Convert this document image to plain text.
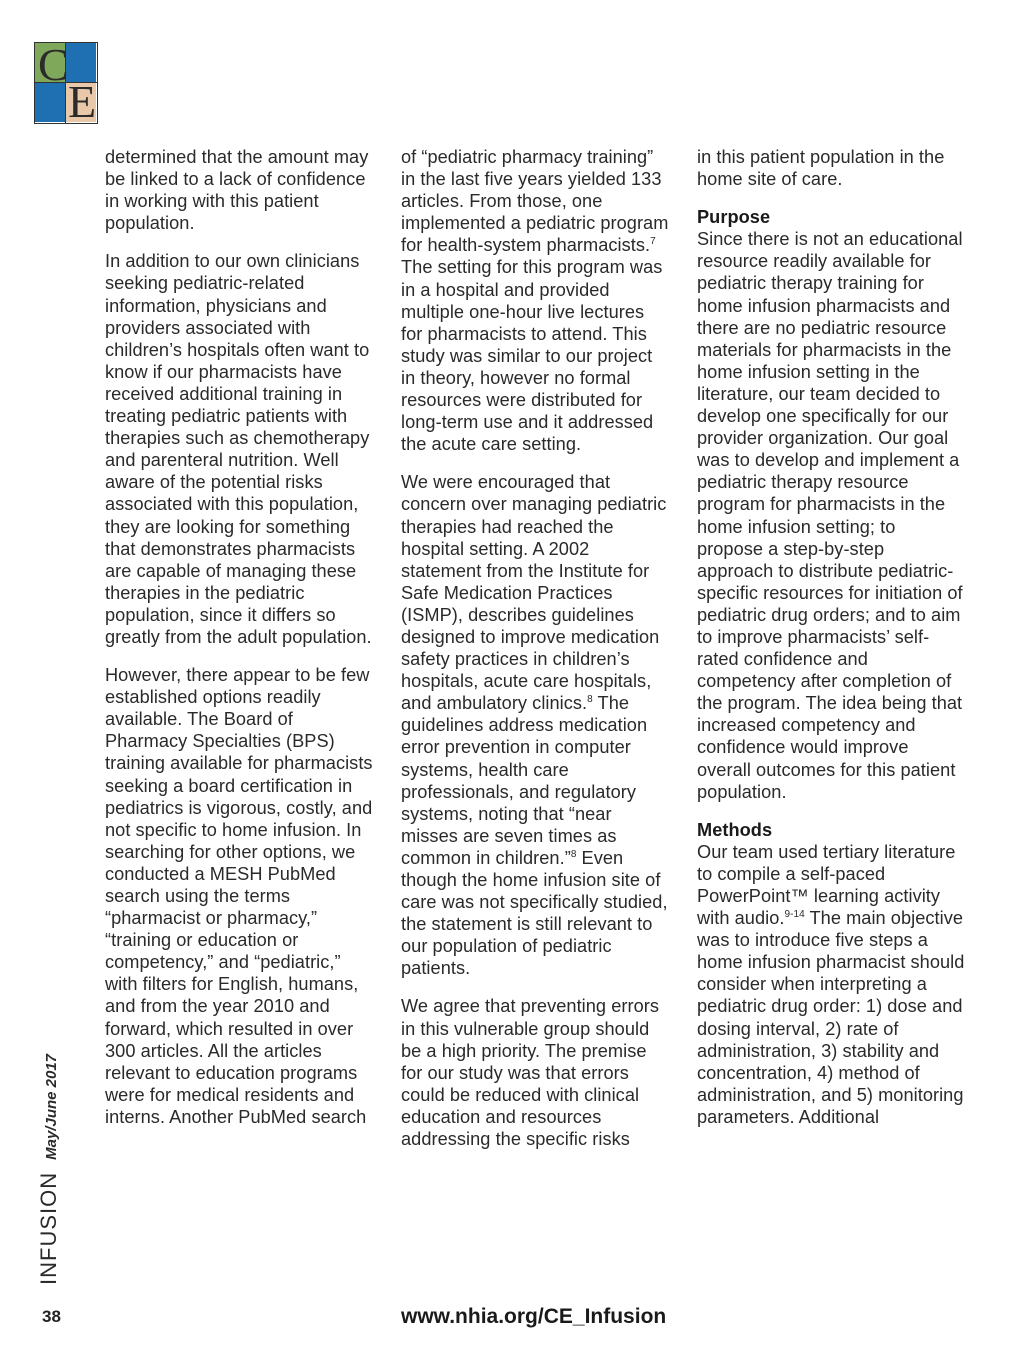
C
E

determined that the amount may be linked to a lack of confidence in working with this patient population.

In addition to our own clinicians seeking pediatric-related information, physicians and providers associated with children’s hospitals often want to know if our pharmacists have received additional training in treating pediatric patients with therapies such as chemotherapy and parenteral nutrition. Well aware of the potential risks associated with this population, they are looking for something that demonstrates pharmacists are capable of managing these therapies in the pediatric population, since it differs so greatly from the adult population.

However, there appear to be few established options readily available. The Board of Pharmacy Specialties (BPS) training available for pharmacists seeking a board certification in pediatrics is vigorous, costly, and not specific to home infusion. In searching for other options, we conducted a MESH PubMed search using the terms “pharmacist or pharmacy,” “training or education or competency,” and “pediatric,” with filters for English, humans, and from the year 2010 and forward, which resulted in over 300 articles. All the articles relevant to education programs were for medical residents and interns. Another PubMed search

of “pediatric pharmacy training” in the last five years yielded 133 articles. From those, one implemented a pediatric program for health-system pharmacists.$^7$ The setting for this program was in a hospital and provided multiple one-hour live lectures for pharmacists to attend. This study was similar to our project in theory, however no formal resources were distributed for long-term use and it addressed the acute care setting.

We were encouraged that concern over managing pediatric therapies had reached the hospital setting. A 2002 statement from the Institute for Safe Medication Practices (ISMP), describes guidelines designed to improve medication safety practices in children’s hospitals, acute care hospitals, and ambulatory clinics.$^8$ The guidelines address medication error prevention in computer systems, health care professionals, and regulatory systems, noting that “near misses are seven times as common in children.”$^8$ Even though the home infusion site of care was not specifically studied, the statement is still relevant to our population of pediatric patients.

We agree that preventing errors in this vulnerable group should be a high priority. The premise for our study was that errors could be reduced with clinical education and resources addressing the specific risks

in this patient population in the home site of care.

Purpose

Since there is not an educational resource readily available for pediatric therapy training for home infusion pharmacists and there are no pediatric resource materials for pharmacists in the home infusion setting in the literature, our team decided to develop one specifically for our provider organization. Our goal was to develop and implement a pediatric therapy resource program for pharmacists in the home infusion setting; to propose a step-by-step approach to distribute pediatric-specific resources for initiation of pediatric drug orders; and to aim to improve pharmacists’ self-rated confidence and competency after completion of the program. The idea being that increased competency and confidence would improve overall outcomes for this patient population.

Methods

Our team used tertiary literature to compile a self-paced PowerPoint™ learning activity with audio.$^{9-14}$ The main objective was to introduce five steps a home infusion pharmacist should consider when interpreting a pediatric drug order: 1) dose and dosing interval, 2) rate of administration, 3) stability and concentration, 4) method of administration, and 5) monitoring parameters. Additional

INFUSIONMay/June 2017
38	www.nhia.org/CE_Infusion
